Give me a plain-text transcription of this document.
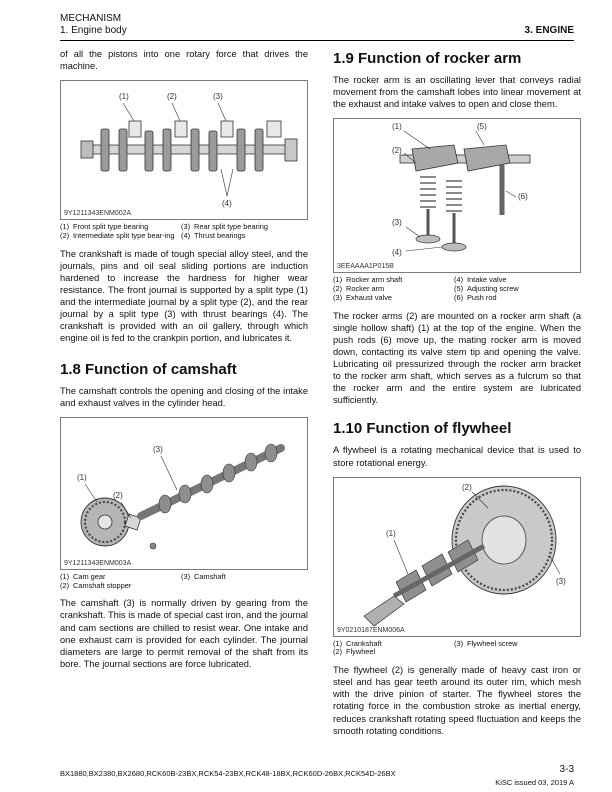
MECHANISM
1. Engine body	3. ENGINE

of all the pistons into one rotary force that drives the machine.

(1)	(2)	(3)
(4)
9Y1211343ENM002A
(1)	Front split type bearing	(3)	Rear split type bearing
(2)	Intermediate split type bear-ing	(4)	Thrust bearings

The crankshaft is made of tough special alloy steel, and the journals, pins and oil seal sliding portions are induction hardened to increase the hardness for higher wear resistance. The front journal is supported by a split type (1) and the intermediate journal by a split type (2), and the rear journal by a split type (3) with thrust bearings (4). The crankshaft is provided with an oil gallery, through which engine oil is fed to the crankpin portion, and lubricates it.

1.8 Function of camshaft

The camshaft controls the opening and closing of the intake and exhaust valves in the cylinder head.

(1)
(2)
(3)
9Y1211343ENM003A
(1)	Cam gear	(3)	Camshaft
(2)	Camshaft stopper		

The camshaft (3) is normally driven by gearing from the crankshaft. This is made of special cast iron, and the journal and cam sections are chilled to resist wear. One intake and one exhaust cam is provided for each cylinder. The journal diameters are large to permit removal of the shaft from its bore. The journal sections are force lubricated.

1.9 Function of rocker arm

The rocker arm is an oscillating lever that conveys radial movement from the camshaft lobes into linear movement at the exhaust and intake valves to open and close them.

(1)
(2)
(3)
(4)
(5)
(6)
3EEAAAA1P015B
(1)	Rocker arm shaft	(4)	Intake valve
(2)	Rocker arm	(5)	Adjusting screw
(3)	Exhaust valve	(6)	Push rod

The rocker arms (2) are mounted on a rocker arm shaft (a single hollow shaft) (1) at the top of the engine. When the push rods (6) move up, the mating rocker arm is moved down, contacting its valve stem tip and opening the valve. Lubricating oil pressurized through the rocker arm bracket to the rocker arm shaft, which serves as a fulcrum so that the rocker arm and the entire system are lubricated sufficiently.

1.10 Function of flywheel

A flywheel is a rotating mechanical device that is used to store rotational energy.

(1)
(2)
(3)
9Y0210187ENM006A
(1)	Crankshaft	(3)	Flywheel screw
(2)	Flywheel		

The flywheel (2) is generally made of heavy cast iron or steel and has gear teeth around its outer rim, which mesh with the drive pinion of starter. The flywheel stores the rotating force in the combustion stroke as inertial energy, reduces crankshaft rotating speed fluctuation and keeps the smooth rotating conditions.

BX1880,BX2380,BX2680,RCK60B-23BX,RCK54-23BX,RCK48-18BX,RCK60D-26BX,RCK54D-26BX	3-3
KiSC issued 03, 2019 A
